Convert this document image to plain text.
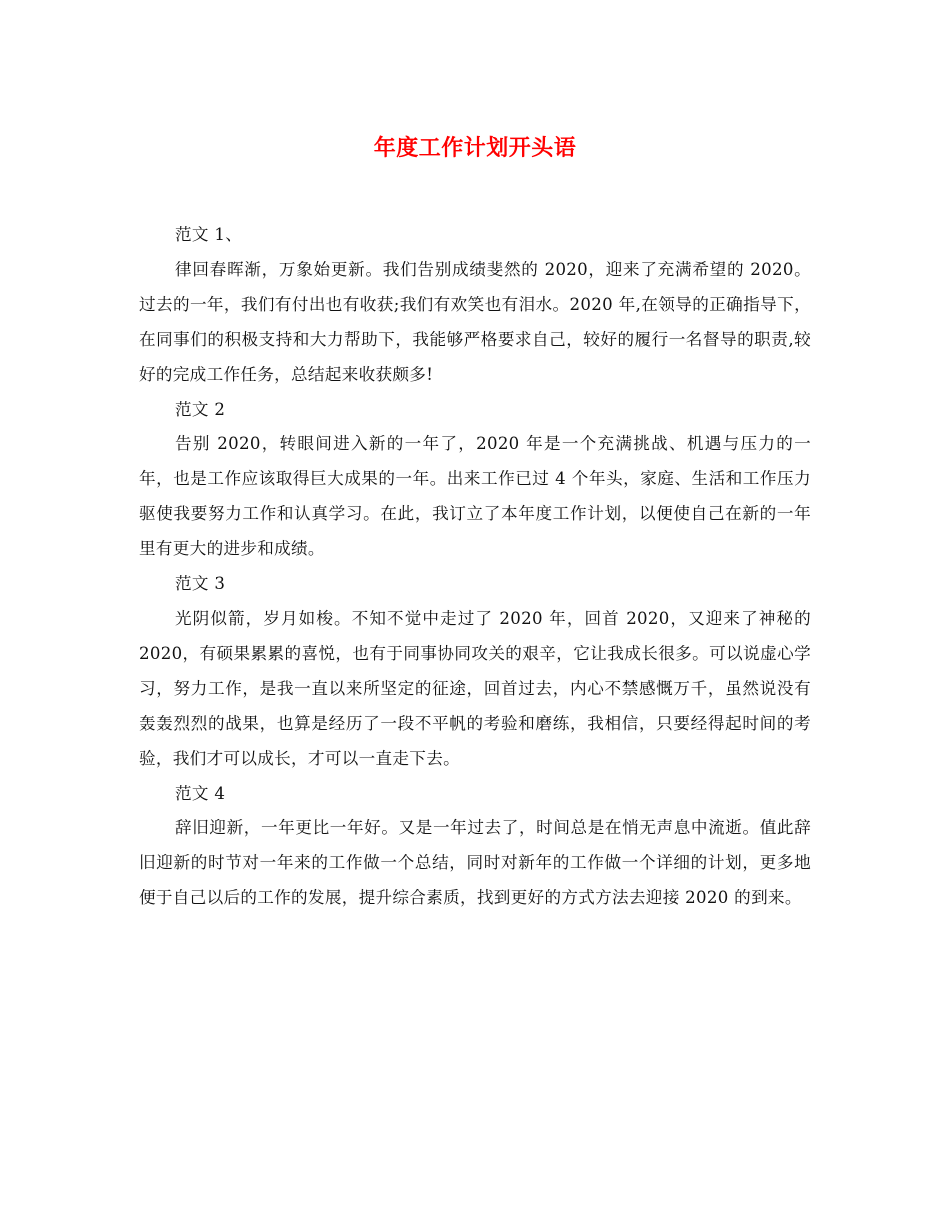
年度工作计划开头语

范文 1、

律回春晖渐，万象始更新。我们告别成绩斐然的 2020，迎来了充满希望的 2020。过去的一年，我们有付出也有收获;我们有欢笑也有泪水。2020 年,在领导的正确指导下，在同事们的积极支持和大力帮助下，我能够严格要求自己，较好的履行一名督导的职责,较好的完成工作任务，总结起来收获颇多!

范文 2

告别 2020，转眼间进入新的一年了，2020 年是一个充满挑战、机遇与压力的一年，也是工作应该取得巨大成果的一年。出来工作已过 4 个年头，家庭、生活和工作压力驱使我要努力工作和认真学习。在此，我订立了本年度工作计划，以便使自己在新的一年里有更大的进步和成绩。

范文 3

光阴似箭，岁月如梭。不知不觉中走过了 2020 年，回首 2020，又迎来了神秘的 2020，有硕果累累的喜悦，也有于同事协同攻关的艰辛，它让我成长很多。可以说虚心学习，努力工作，是我一直以来所坚定的征途，回首过去，内心不禁感慨万千，虽然说没有轰轰烈烈的战果，也算是经历了一段不平帆的考验和磨练，我相信，只要经得起时间的考验，我们才可以成长，才可以一直走下去。

范文 4

辞旧迎新，一年更比一年好。又是一年过去了，时间总是在悄无声息中流逝。值此辞旧迎新的时节对一年来的工作做一个总结，同时对新年的工作做一个详细的计划，更多地便于自己以后的工作的发展，提升综合素质，找到更好的方式方法去迎接 2020 的到来。
